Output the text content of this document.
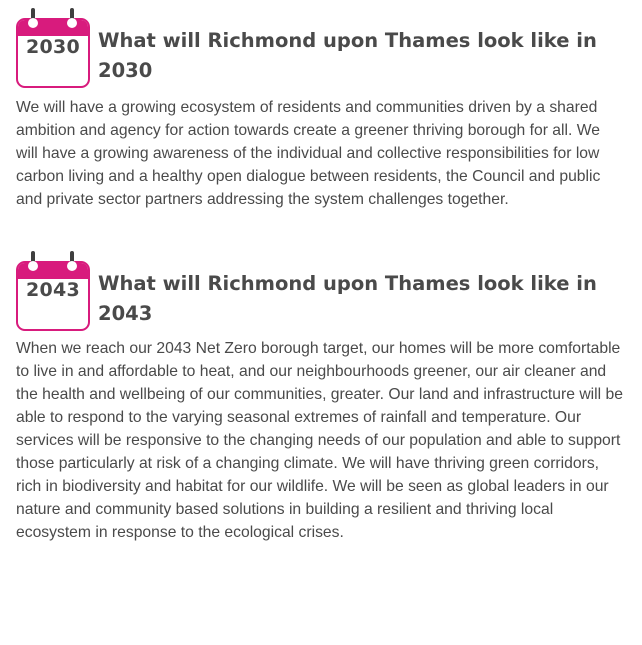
2030 What will Richmond upon Thames look like in 2030

We will have a growing ecosystem of residents and communities driven by a shared ambition and agency for action towards create a greener thriving borough for all. We will have a growing awareness of the individual and collective responsibilities for low carbon living and a healthy open dialogue between residents, the Council and public and private sector partners addressing the system challenges together.

2043 What will Richmond upon Thames look like in 2043

When we reach our 2043 Net Zero borough target, our homes will be more comfortable to live in and affordable to heat, and our neighbourhoods greener, our air cleaner and the health and wellbeing of our communities, greater. Our land and infrastructure will be able to respond to the varying seasonal extremes of rainfall and temperature. Our services will be responsive to the changing needs of our population and able to support those particularly at risk of a changing climate. We will have thriving green corridors, rich in biodiversity and habitat for our wildlife. We will be seen as global leaders in our nature and community based solutions in building a resilient and thriving local ecosystem in response to the ecological crises.
